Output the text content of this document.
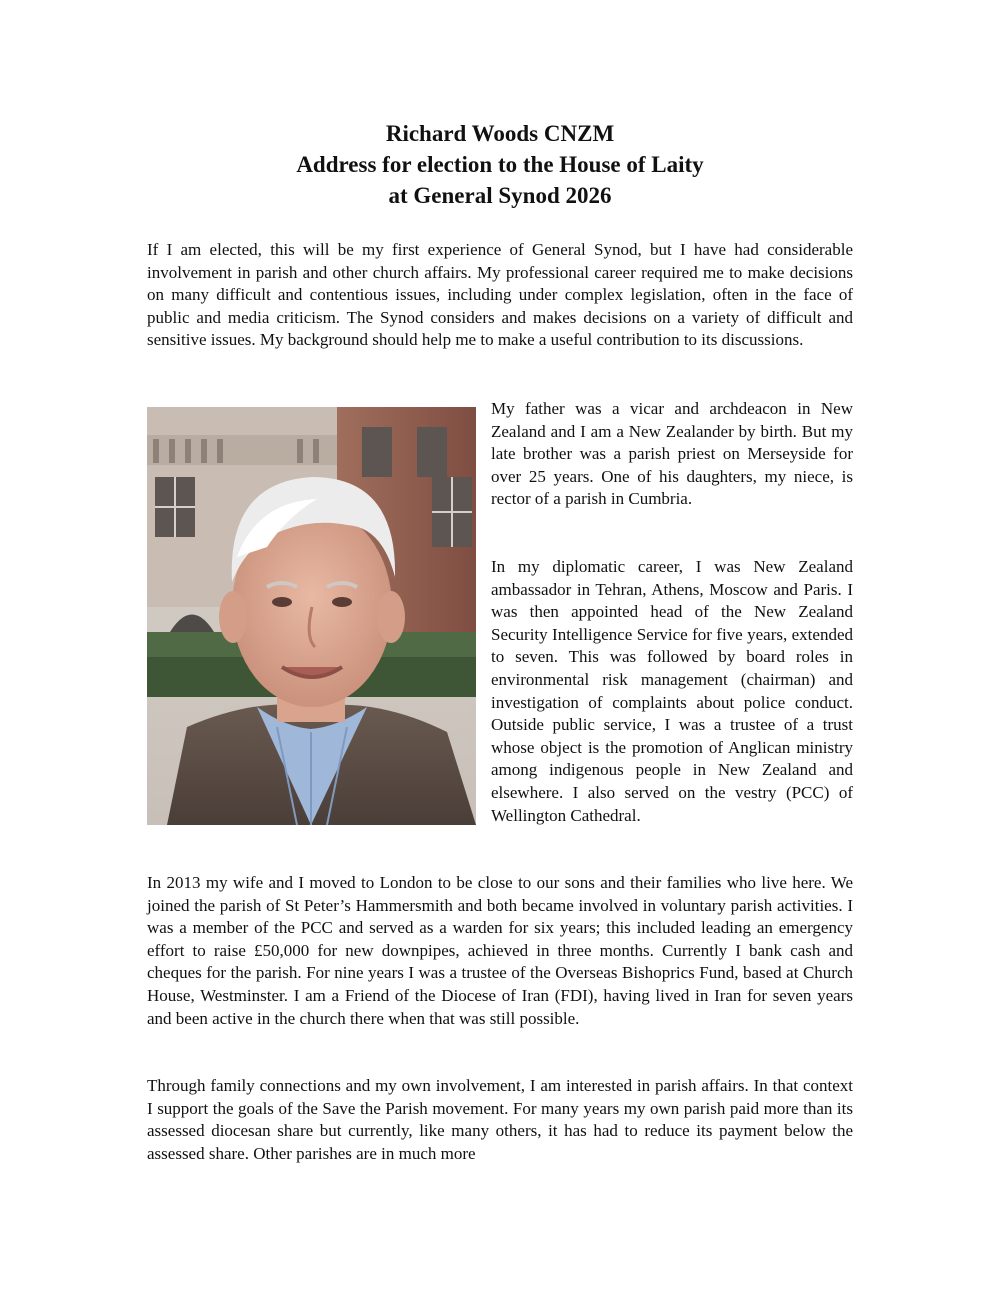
Richard Woods CNZM
Address for election to the House of Laity
at General Synod 2026

If I am elected, this will be my first experience of General Synod, but I have had considerable involvement in parish and other church affairs. My professional career required me to make decisions on many difficult and contentious issues, including under complex legislation, often in the face of public and media criticism. The Synod considers and makes decisions on a variety of difficult and sensitive issues. My background should help me to make a useful contribution to its discussions.

My father was a vicar and archdeacon in New Zealand and I am a New Zealander by birth. But my late brother was a parish priest on Merseyside for over 25 years. One of his daughters, my niece, is rector of a parish in Cumbria.

In my diplomatic career, I was New Zealand ambassador in Tehran, Athens, Moscow and Paris. I was then appointed head of the New Zealand Security Intelligence Service for five years, extended to seven. This was followed by board roles in environmental risk management (chairman) and investigation of complaints about police conduct. Outside public service, I was a trustee of a trust whose object is the promotion of Anglican ministry among indigenous people in New Zealand and elsewhere. I also served on the vestry (PCC) of Wellington Cathedral.

In 2013 my wife and I moved to London to be close to our sons and their families who live here. We joined the parish of St Peter’s Hammersmith and both became involved in voluntary parish activities. I was a member of the PCC and served as a warden for six years; this included leading an emergency effort to raise £50,000 for new downpipes, achieved in three months. Currently I bank cash and cheques for the parish. For nine years I was a trustee of the Overseas Bishoprics Fund, based at Church House, Westminster. I am a Friend of the Diocese of Iran (FDI), having lived in Iran for seven years and been active in the church there when that was still possible.

Through family connections and my own involvement, I am interested in parish affairs. In that context I support the goals of the Save the Parish movement. For many years my own parish paid more than its assessed diocesan share but currently, like many others, it has had to reduce its payment below the assessed share. Other parishes are in much more
